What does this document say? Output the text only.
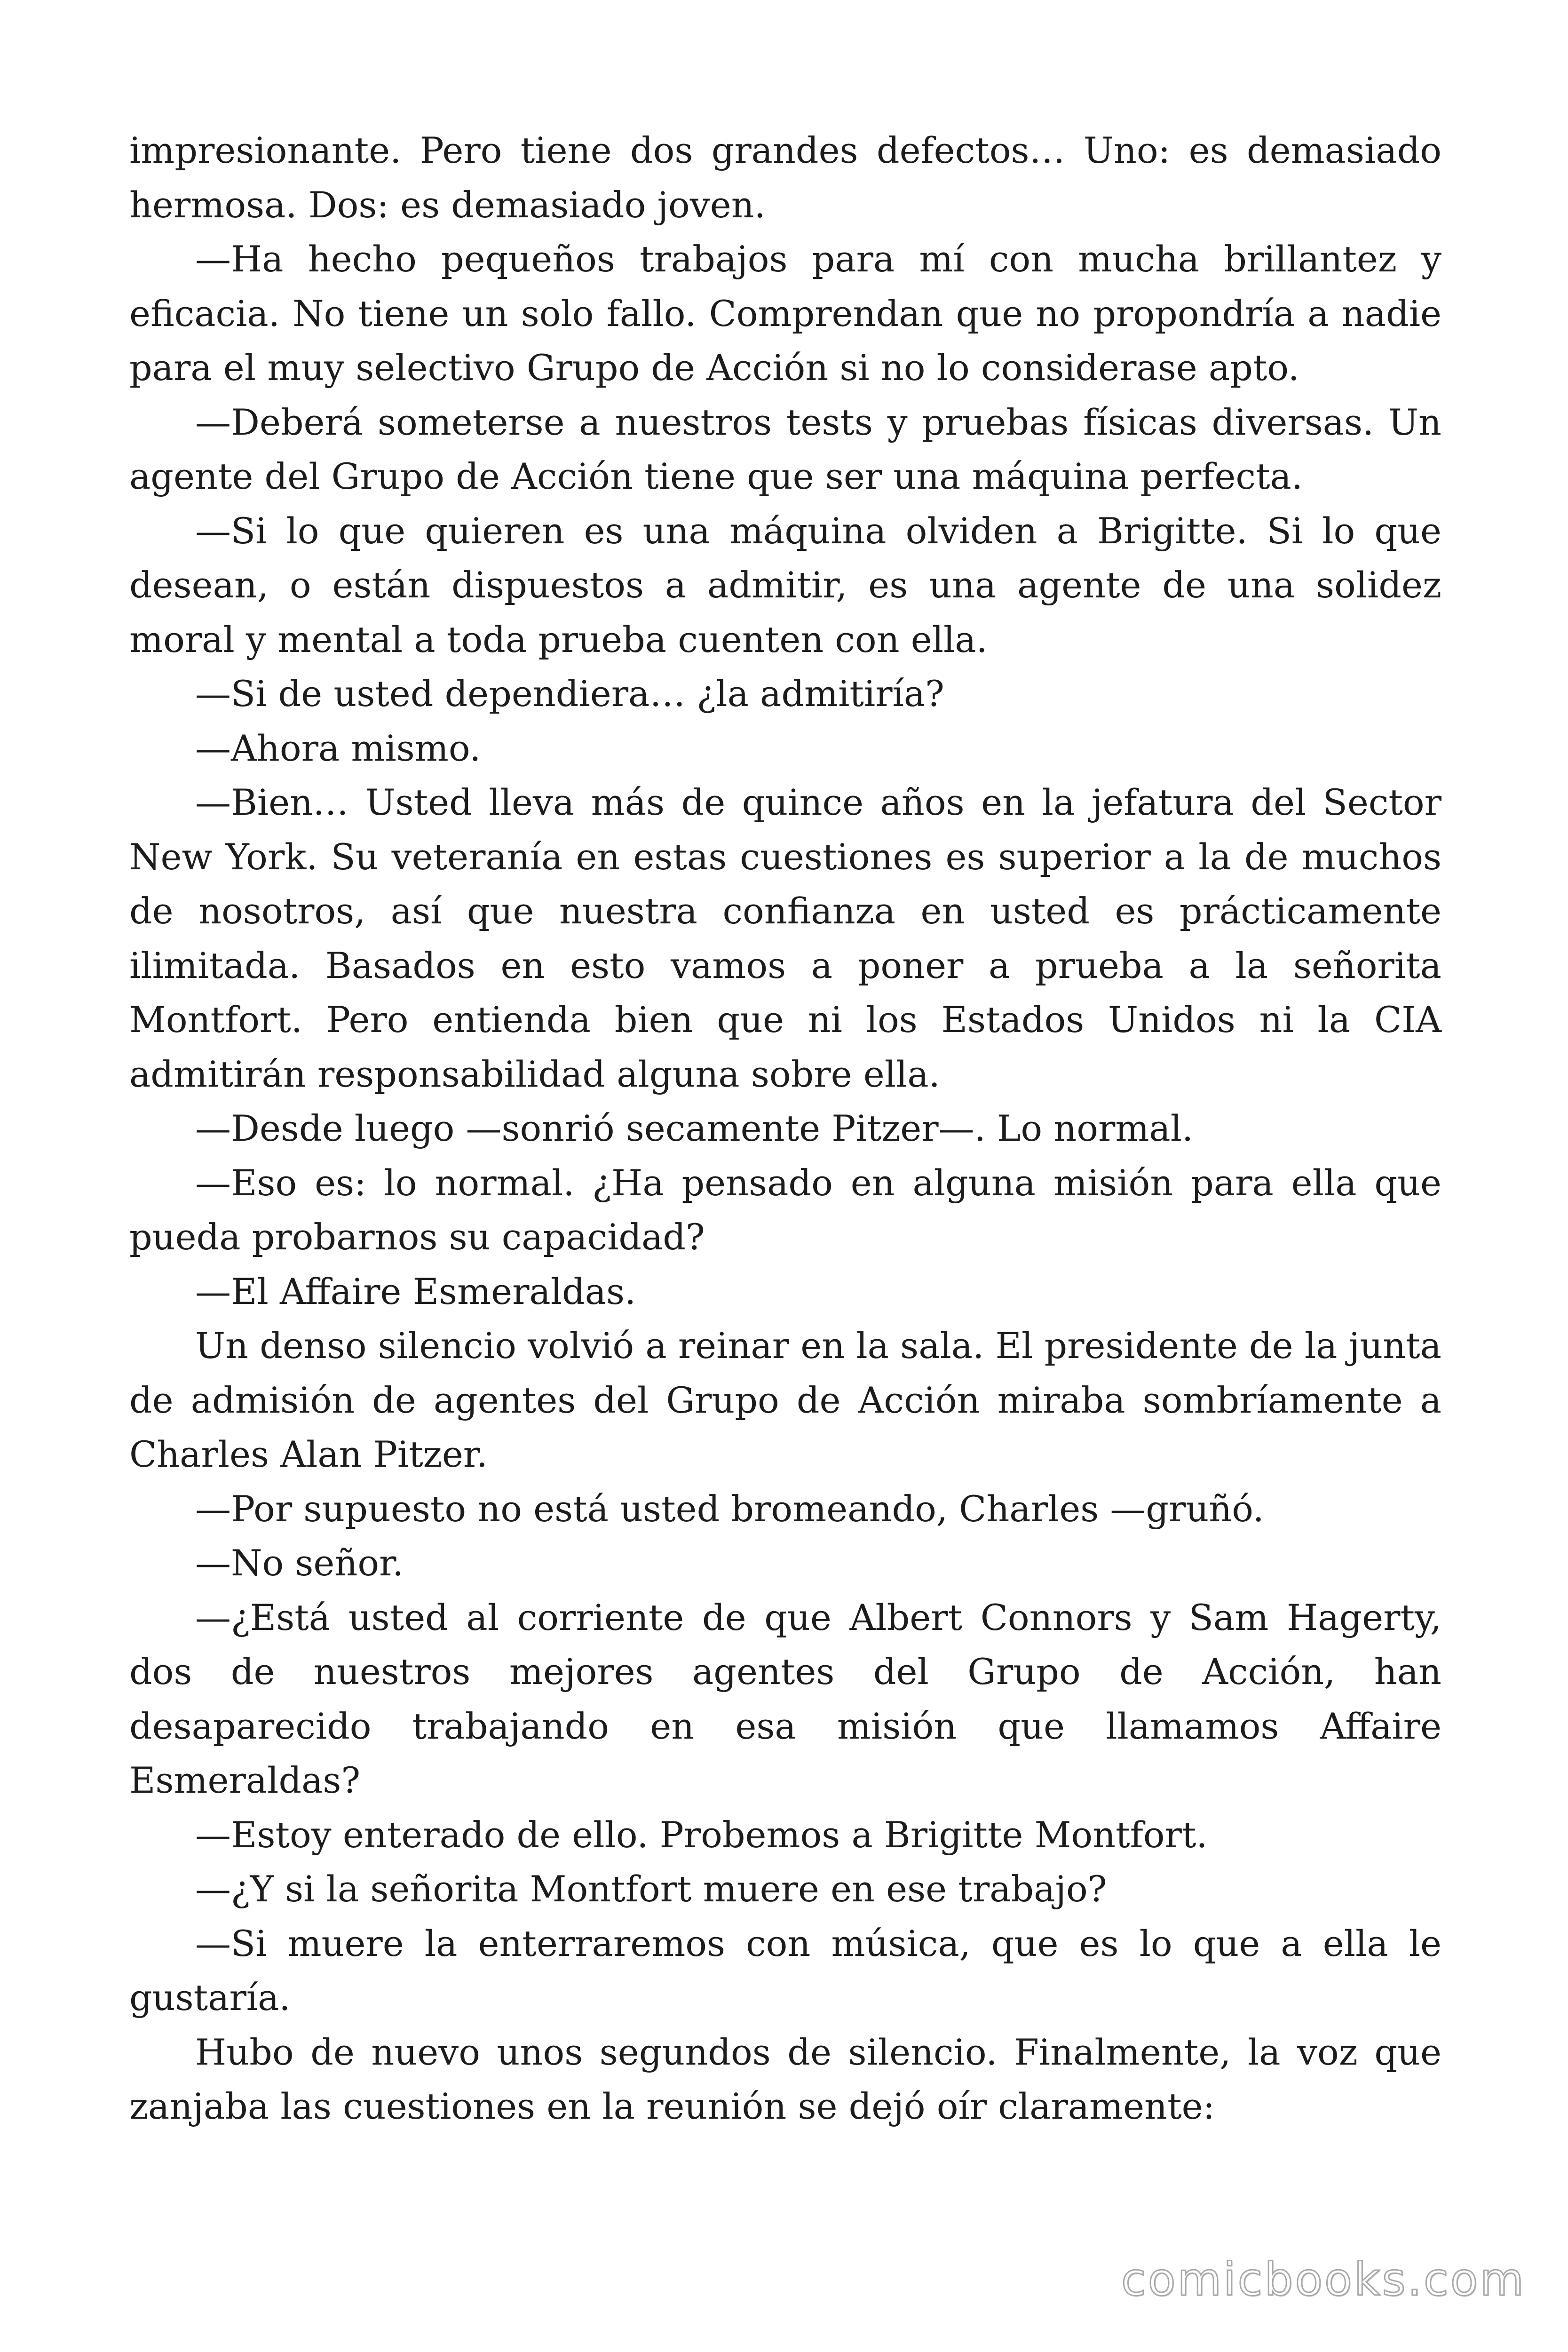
impresionante. Pero tiene dos grandes defectos… Uno: es demasiado hermosa. Dos: es demasiado joven.

—Ha hecho pequeños trabajos para mí con mucha brillantez y eficacia. No tiene un solo fallo. Comprendan que no propondría a nadie para el muy selectivo Grupo de Acción si no lo considerase apto.

—Deberá someterse a nuestros tests y pruebas físicas diversas. Un agente del Grupo de Acción tiene que ser una máquina perfecta.

—Si lo que quieren es una máquina olviden a Brigitte. Si lo que desean, o están dispuestos a admitir, es una agente de una solidez moral y mental a toda prueba cuenten con ella.

—Si de usted dependiera… ¿la admitiría?

—Ahora mismo.

—Bien… Usted lleva más de quince años en la jefatura del Sector New York. Su veteranía en estas cuestiones es superior a la de muchos de nosotros, así que nuestra confianza en usted es prácticamente ilimitada. Basados en esto vamos a poner a prueba a la señorita Montfort. Pero entienda bien que ni los Estados Unidos ni la CIA admitirán responsabilidad alguna sobre ella.

—Desde luego —sonrió secamente Pitzer—. Lo normal.

—Eso es: lo normal. ¿Ha pensado en alguna misión para ella que pueda probarnos su capacidad?

—El Affaire Esmeraldas.

Un denso silencio volvió a reinar en la sala. El presidente de la junta de admisión de agentes del Grupo de Acción miraba sombríamente a Charles Alan Pitzer.

—Por supuesto no está usted bromeando, Charles —gruñó.

—No señor.

—¿Está usted al corriente de que Albert Connors y Sam Hagerty, dos de nuestros mejores agentes del Grupo de Acción, han desaparecido trabajando en esa misión que llamamos Affaire Esmeraldas?

—Estoy enterado de ello. Probemos a Brigitte Montfort.

—¿Y si la señorita Montfort muere en ese trabajo?

—Si muere la enterraremos con música, que es lo que a ella le gustaría.

Hubo de nuevo unos segundos de silencio. Finalmente, la voz que zanjaba las cuestiones en la reunión se dejó oír claramente:

comicbooks.com
